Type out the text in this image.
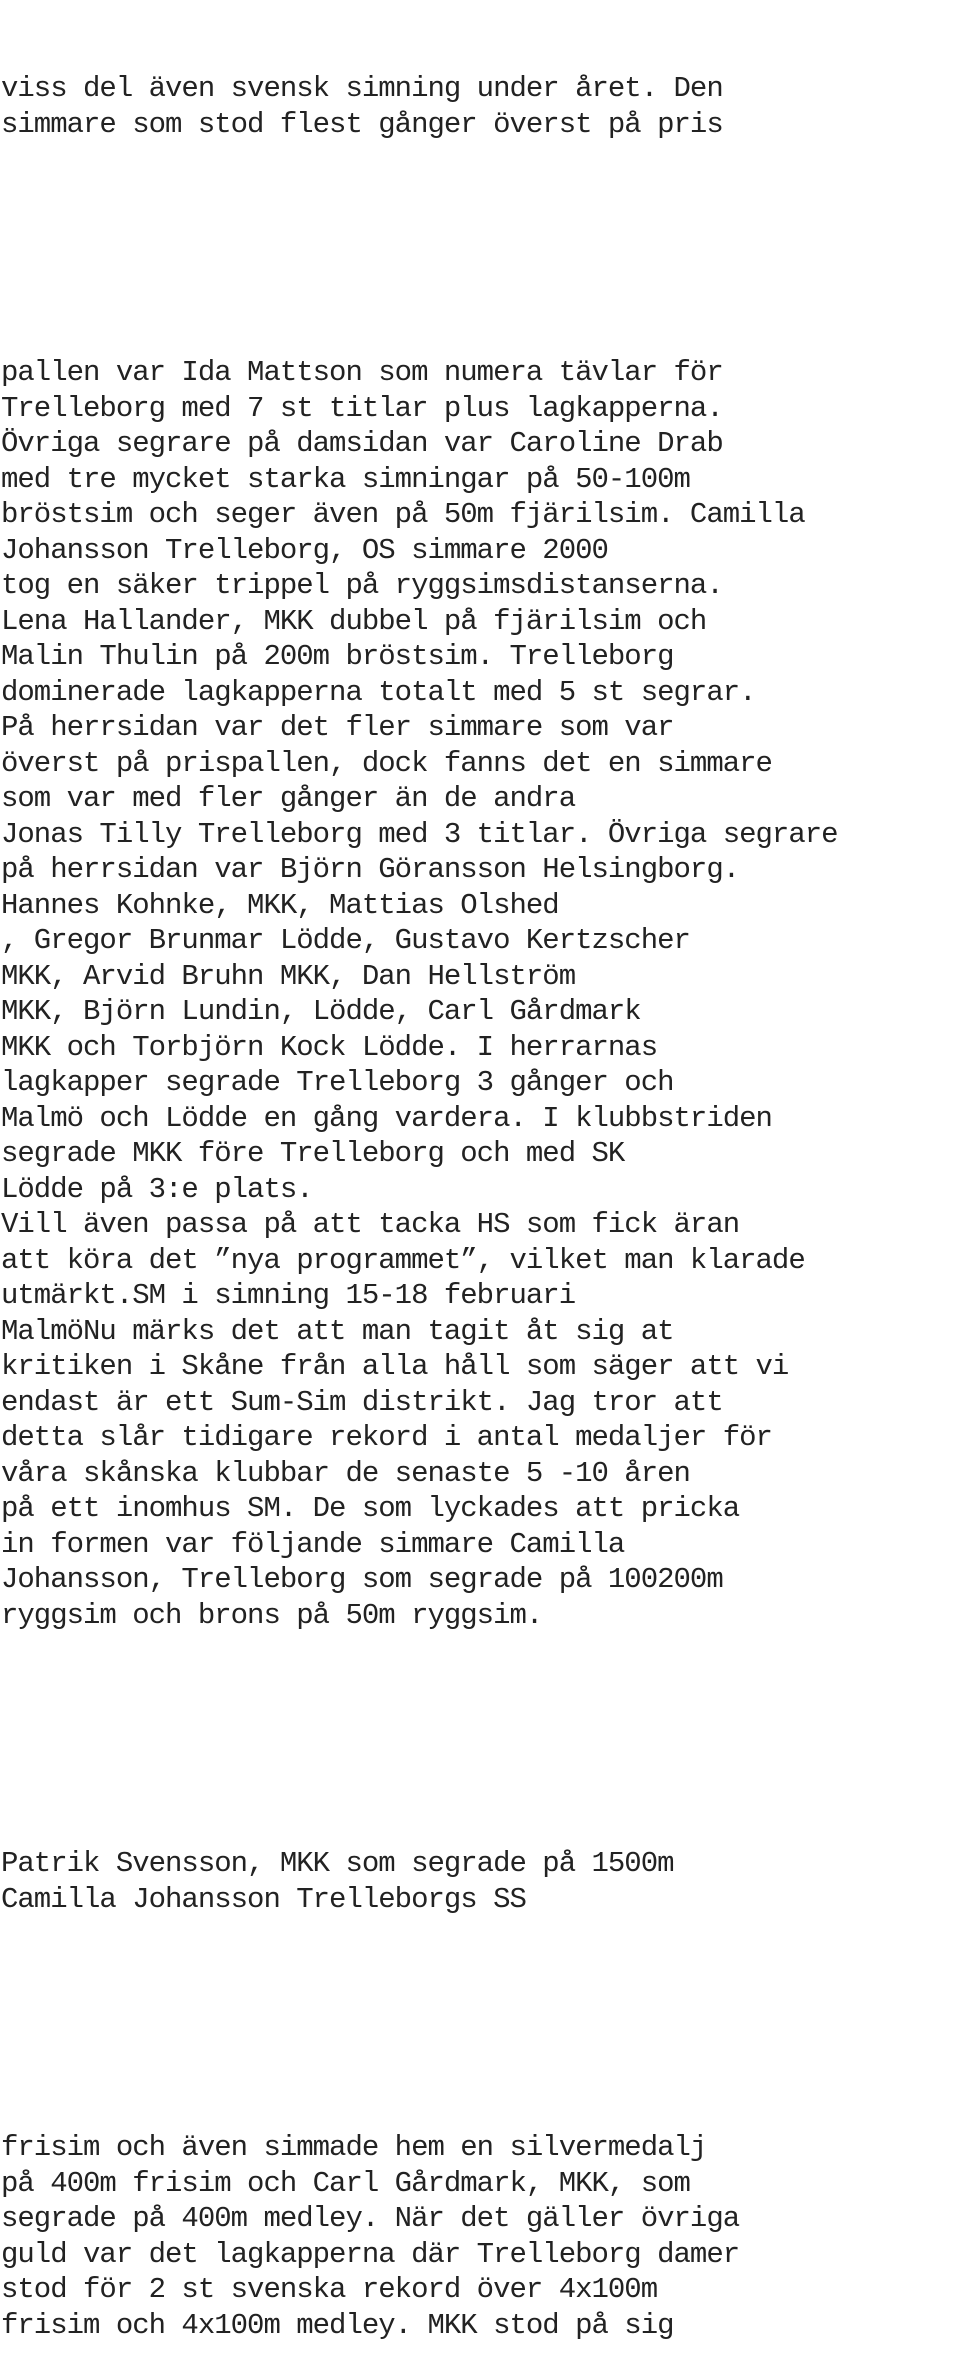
viss del även svensk simning under året. Den
simmare som stod flest gånger överst på pris

pallen var Ida Mattson som numera tävlar för
Trelleborg med 7 st titlar plus lagkapperna.
Övriga segrare på damsidan var Caroline Drab
med tre mycket starka simningar på 50-100m
bröstsim och seger även på 50m fjärilsim. Camilla
Johansson Trelleborg, OS simmare 2000
tog en säker trippel på ryggsimsdistanserna.
Lena Hallander, MKK dubbel på fjärilsim och
Malin Thulin på 200m bröstsim. Trelleborg
dominerade lagkapperna totalt med 5 st segrar.
På herrsidan var det fler simmare som var
överst på prispallen, dock fanns det en simmare
som var med fler gånger än de andra
Jonas Tilly Trelleborg med 3 titlar. Övriga segrare
på herrsidan var Björn Göransson Helsingborg.
Hannes Kohnke, MKK, Mattias Olshed
, Gregor Brunmar Lödde, Gustavo Kertzscher
MKK, Arvid Bruhn MKK, Dan Hellström
MKK, Björn Lundin, Lödde, Carl Gårdmark
MKK och Torbjörn Kock Lödde. I herrarnas
lagkapper segrade Trelleborg 3 gånger och
Malmö och Lödde en gång vardera. I klubbstriden
segrade MKK före Trelleborg och med SK
Lödde på 3:e plats.
Vill även passa på att tacka HS som fick äran
att köra det ”nya programmet”, vilket man klarade
utmärkt.SM i simning 15-18 februari
MalmöNu märks det att man tagit åt sig at
kritiken i Skåne från alla håll som säger att vi
endast är ett Sum-Sim distrikt. Jag tror att
detta slår tidigare rekord i antal medaljer för
våra skånska klubbar de senaste 5 -10 åren
på ett inomhus SM. De som lyckades att pricka
in formen var följande simmare Camilla
Johansson, Trelleborg som segrade på 100200m
ryggsim och brons på 50m ryggsim.

Patrik Svensson, MKK som segrade på 1500m
Camilla Johansson Trelleborgs SS

frisim och även simmade hem en silvermedalj
på 400m frisim och Carl Gårdmark, MKK, som
segrade på 400m medley. När det gäller övriga
guld var det lagkapperna där Trelleborg damer
stod för 2 st svenska rekord över 4x100m
frisim och 4x100m medley. MKK stod på sig
